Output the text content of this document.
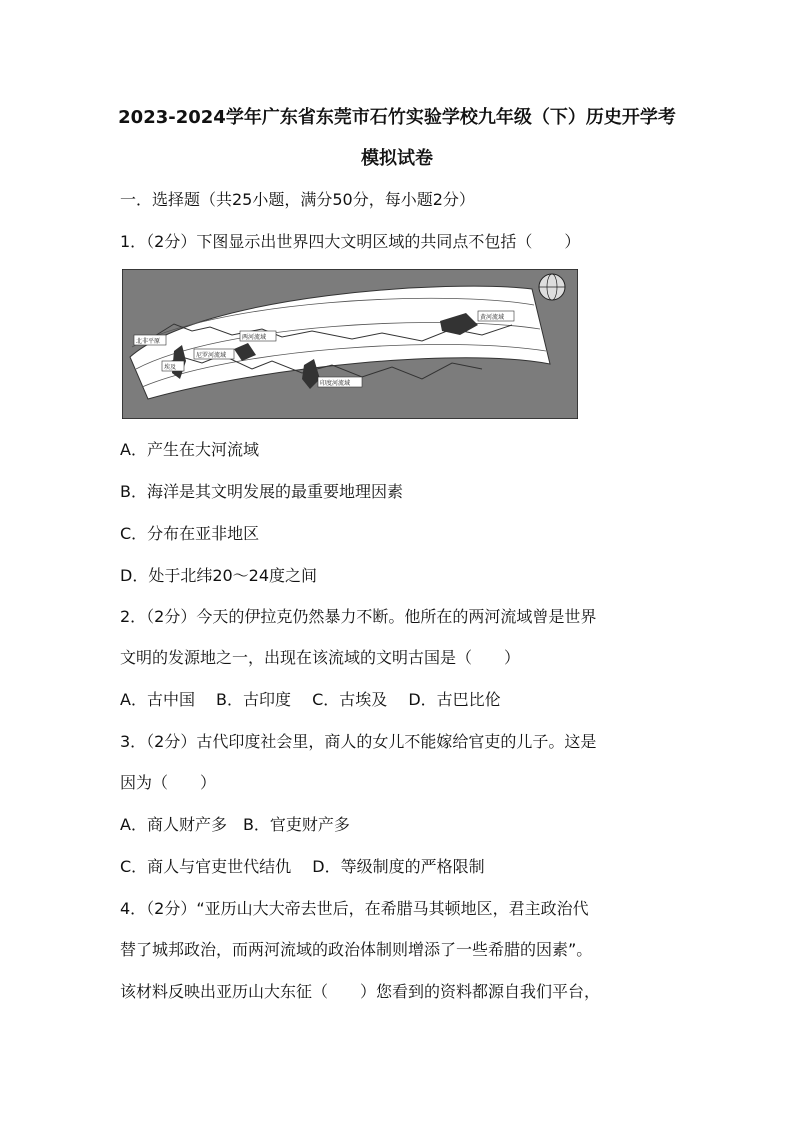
2023-2024学年广东省东莞市石竹实验学校九年级（下）历史开学考
模拟试卷
一．选择题（共25小题，满分50分，每小题2分）
1．（2分）下图显示出世界四大文明区域的共同点不包括（　　）
北非平原
埃及
尼罗河流域
两河流域
印度河流域
黄河流域
A．产生在大河流域
B．海洋是其文明发展的最重要地理因素
C．分布在亚非地区
D．处于北纬20～24度之间
2．（2分）今天的伊拉克仍然暴力不断。他所在的两河流域曾是世界
文明的发源地之一，出现在该流域的文明古国是（　　）
A．古中国　 B．古印度　 C．古埃及　 D．古巴比伦
3．（2分）古代印度社会里，商人的女儿不能嫁给官吏的儿子。这是
因为（　　）
A．商人财产多　B．官吏财产多
C．商人与官吏世代结仇　 D．等级制度的严格限制
4．（2分）“亚历山大大帝去世后，在希腊马其顿地区，君主政治代
替了城邦政治，而两河流域的政治体制则增添了一些希腊的因素”。
该材料反映出亚历山大东征（　　）您看到的资料都源自我们平台，
